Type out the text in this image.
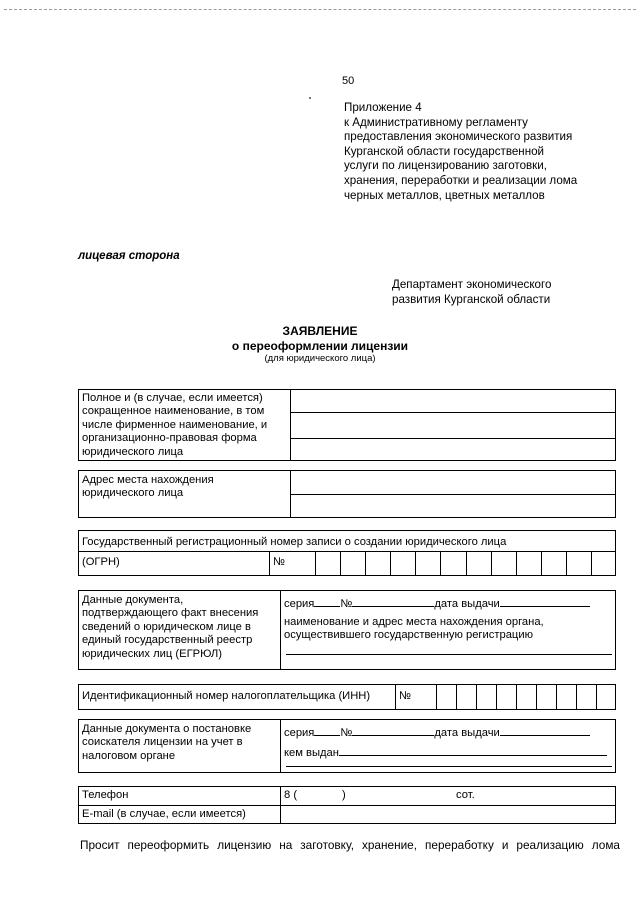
50
Приложение 4
к Административному регламенту
предоставления экономического развития
Курганской области государственной
услуги по лицензированию заготовки,
хранения, переработки и реализации лома
черных металлов, цветных металлов
лицевая сторона
Департамент экономического
развития Курганской области
ЗАЯВЛЕНИЕ
о переоформлении лицензии
(для юридического лица)
Полное и (в случае, если имеется)
сокращенное наименование, в том
числе фирменное наименование, и
организационно-правовая форма
юридического лица
Адрес места нахождения
юридического лица
Государственный регистрационный номер записи о создании юридического лица
(ОГРН)	№
Данные документа,
подтверждающего факт внесения
сведений о юридическом лице в
единый государственный реестр
юридических лиц (ЕГРЮЛ)
серия №	дата выдачи
наименование и адрес места нахождения органа,
осуществившего государственную регистрацию
Идентификационный номер налогоплательщика (ИНН)	№
Данные документа о постановке
соискателя лицензии на учет в
налоговом органе
серия №	дата выдачи
кем выдан
Телефон	8 (	)	сот.
E-mail (в случае, если имеется)
Просит переоформить лицензию на заготовку, хранение, переработку и реализацию лома
